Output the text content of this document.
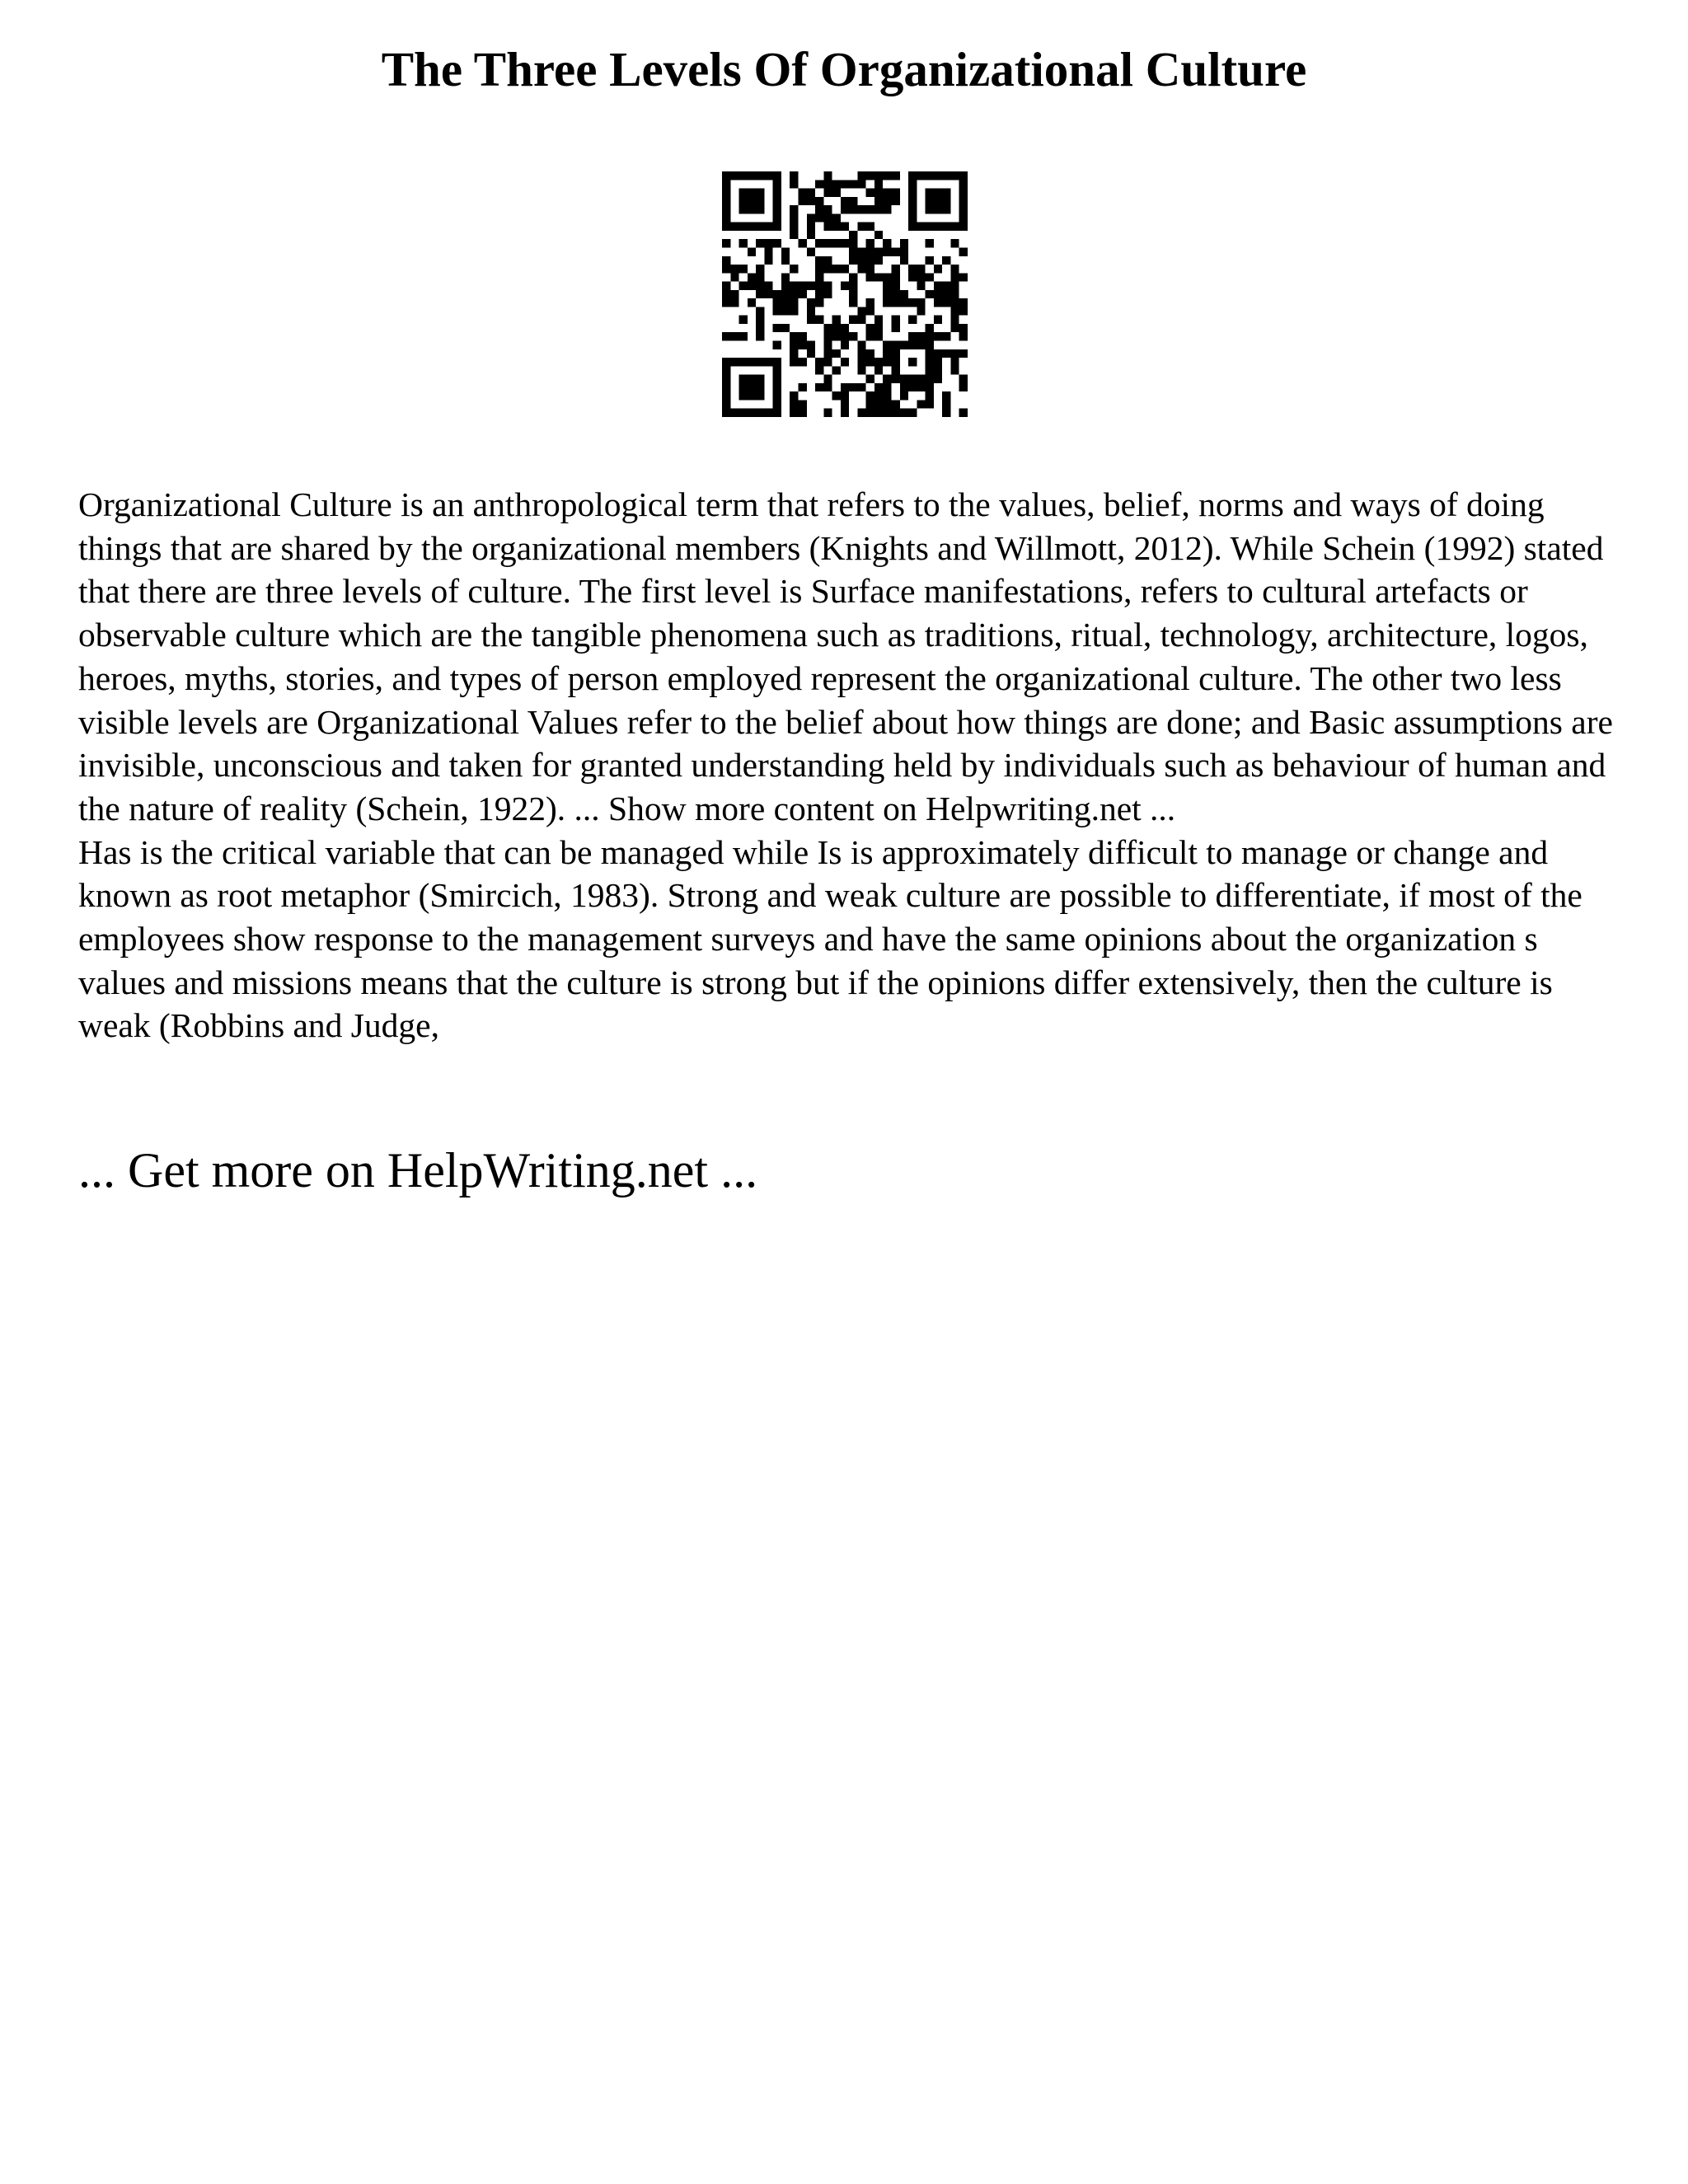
The Three Levels Of Organizational Culture

Organizational Culture is an anthropological term that refers to the values, belief, norms and ways of doing things that are shared by the organizational members (Knights and Willmott, 2012). While Schein (1992) stated that there are three levels of culture. The first level is Surface manifestations, refers to cultural artefacts or observable culture which are the tangible phenomena such as traditions, ritual, technology, architecture, logos, heroes, myths, stories, and types of person employed represent the organizational culture. The other two less visible levels are Organizational Values refer to the belief about how things are done; and Basic assumptions are invisible, unconscious and taken for granted understanding held by individuals such as behaviour of human and the nature of reality (Schein, 1922). ... Show more content on Helpwriting.net ...

Has is the critical variable that can be managed while Is is approximately difficult to manage or change and known as root metaphor (Smircich, 1983). Strong and weak culture are possible to differentiate, if most of the employees show response to the management surveys and have the same opinions about the organization s values and missions means that the culture is strong but if the opinions differ extensively, then the culture is weak (Robbins and Judge,

... Get more on HelpWriting.net ...
